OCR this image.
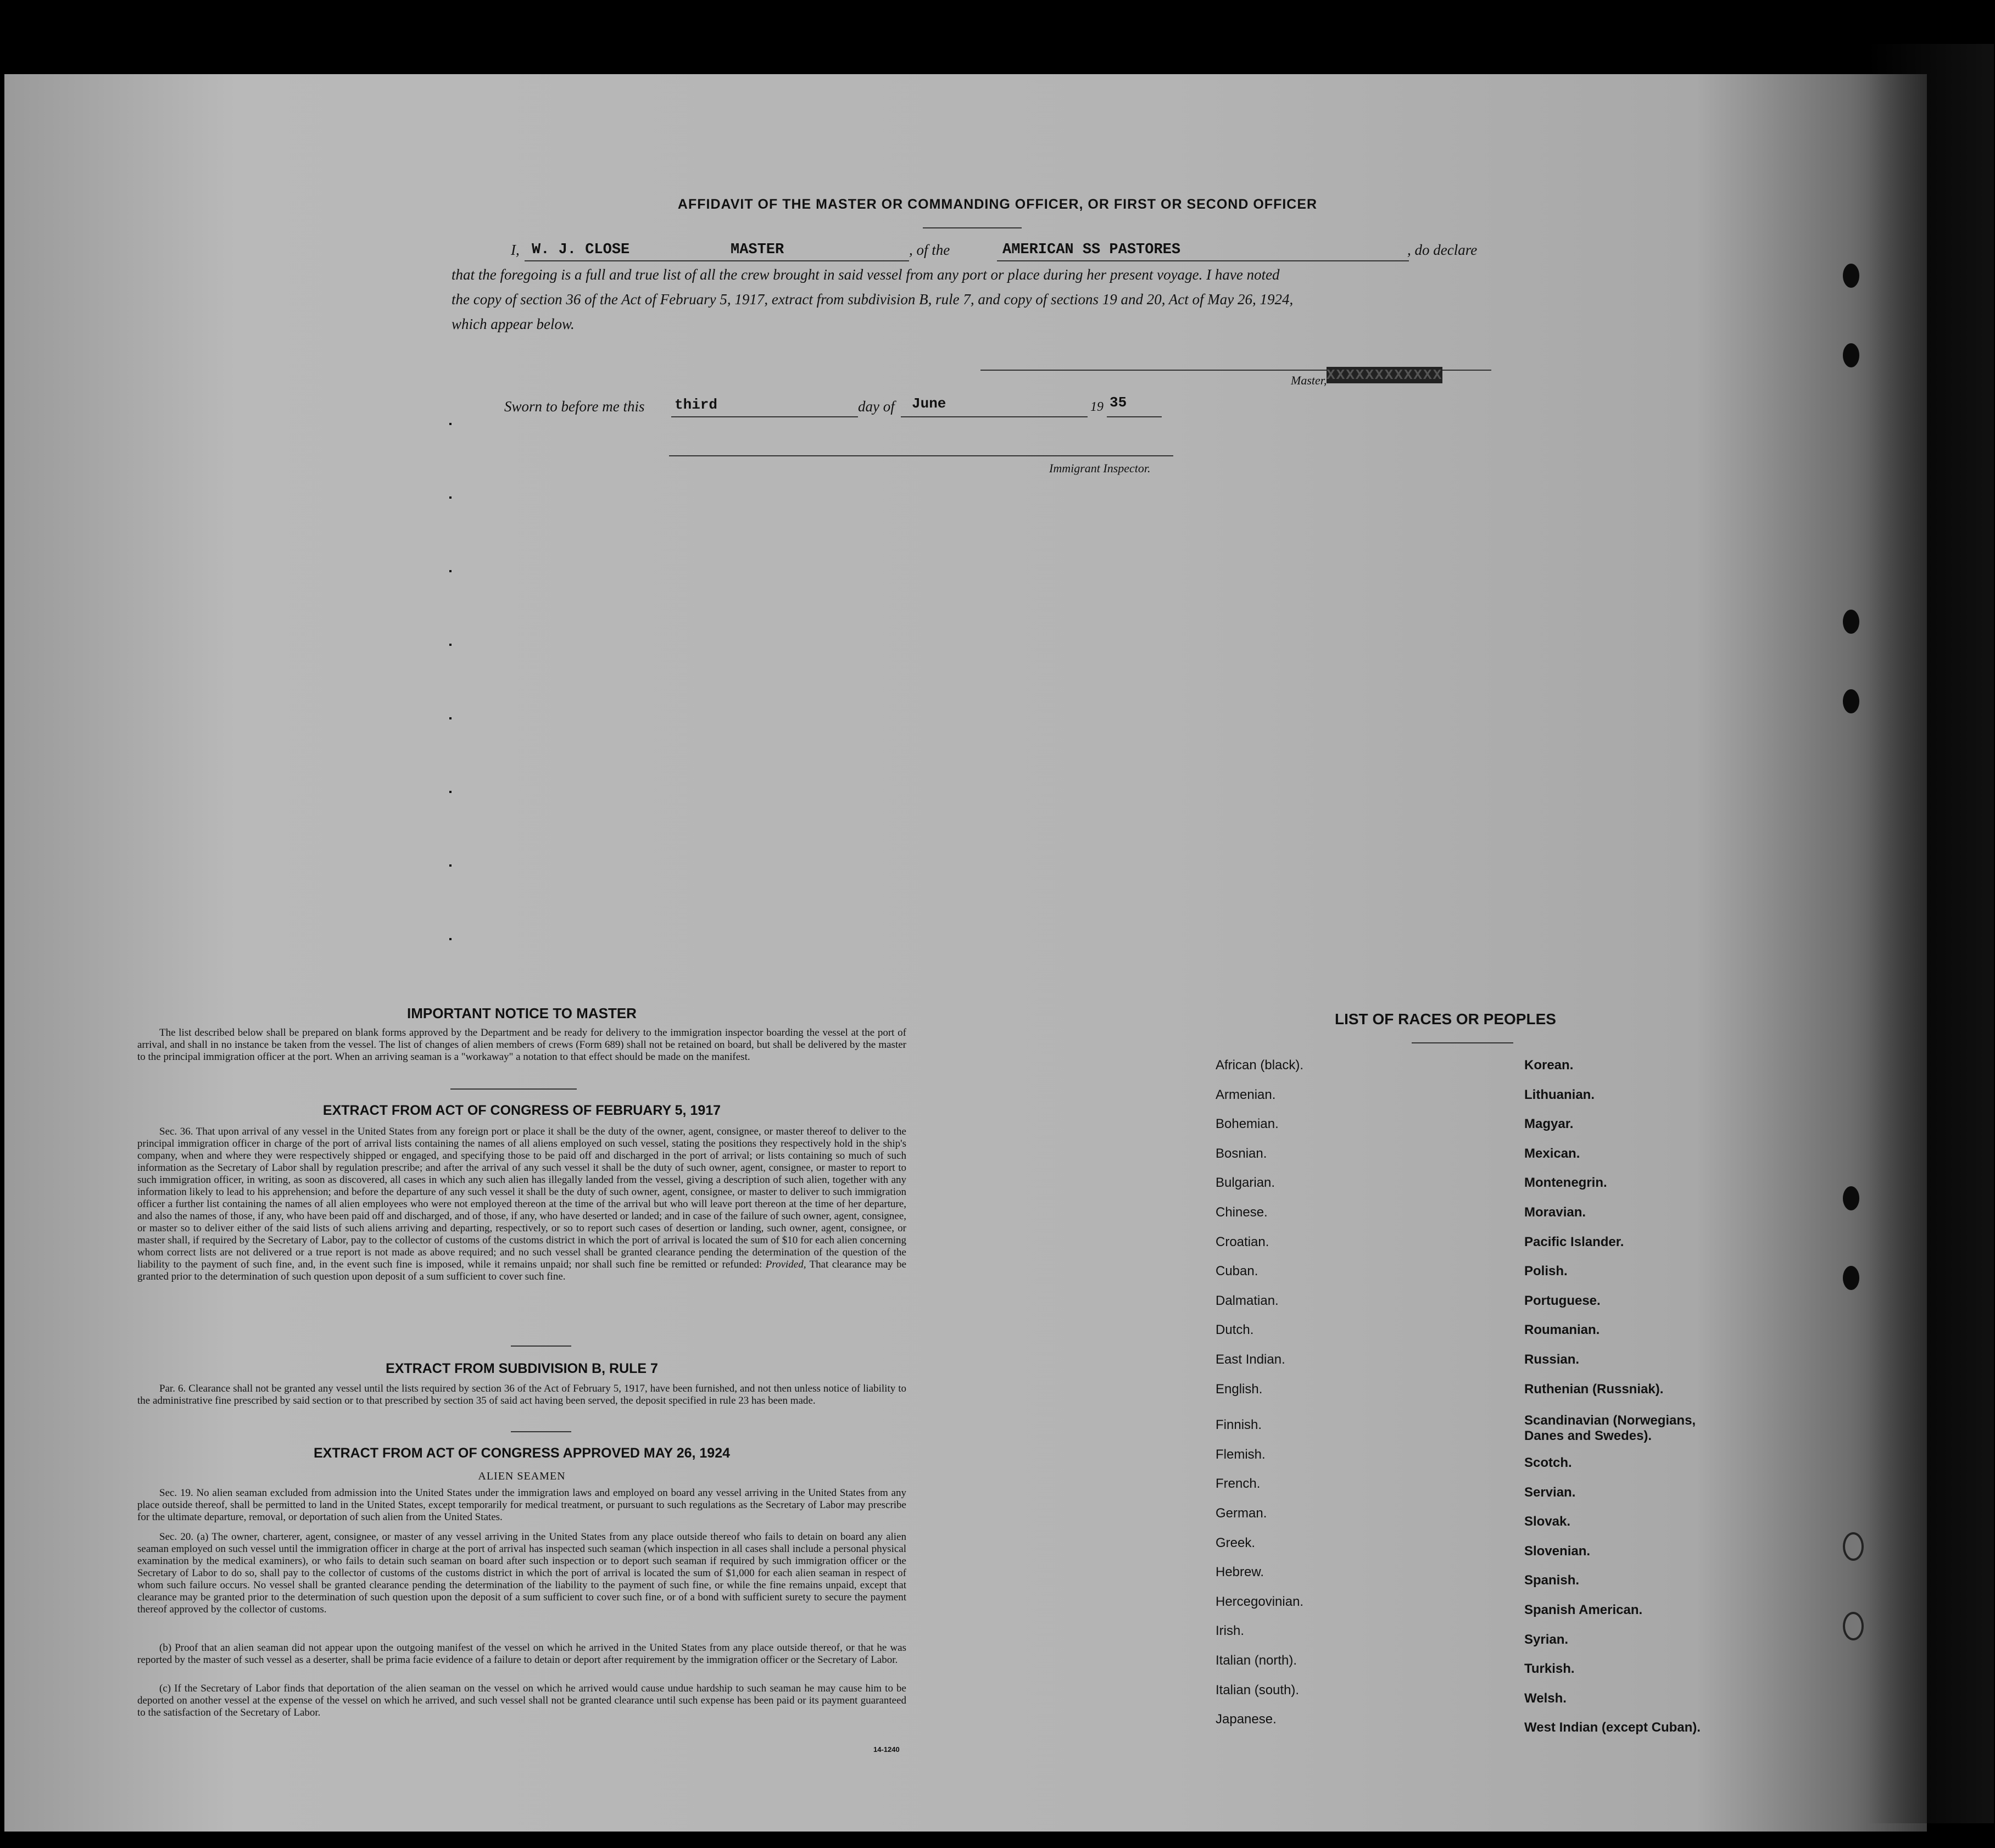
AFFIDAVIT OF THE MASTER OR COMMANDING OFFICER, OR FIRST OR SECOND OFFICER
I, W. J. CLOSE	MASTER	, of the	AMERICAN SS PASTORES	, do declare
that the foregoing is a full and true list of all the crew brought in said vessel from any port or place during her present voyage. I have noted
the copy of section 36 of the Act of February 5, 1917, extract from subdivision B, rule 7, and copy of sections 19 and 20, Act of May 26, 1924,
which appear below.
Master, XXXXXXXXXXXX
Sworn to before me this third	day of June	19 35
Immigrant Inspector.
IMPORTANT NOTICE TO MASTER
The list described below shall be prepared on blank forms approved by the Department and be ready for delivery to the immigration inspector boarding the vessel at the port of arrival, and shall in no instance be taken from the vessel. The list of changes of alien members of crews (Form 689) shall not be retained on board, but shall be delivered by the master to the principal immigration officer at the port. When an arriving seaman is a "workaway" a notation to that effect should be made on the manifest.
EXTRACT FROM ACT OF CONGRESS OF FEBRUARY 5, 1917
Sec. 36. That upon arrival of any vessel in the United States from any foreign port or place it shall be the duty of the owner, agent, consignee, or master thereof to deliver to the principal immigration officer in charge of the port of arrival lists containing the names of all aliens employed on such vessel, stating the positions they respectively hold in the ship's company, when and where they were respectively shipped or engaged, and specifying those to be paid off and discharged in the port of arrival; or lists containing so much of such information as the Secretary of Labor shall by regulation prescribe; and after the arrival of any such vessel it shall be the duty of such owner, agent, consignee, or master to report to such immigration officer, in writing, as soon as discovered, all cases in which any such alien has illegally landed from the vessel, giving a description of such alien, together with any information likely to lead to his apprehension; and before the departure of any such vessel it shall be the duty of such owner, agent, consignee, or master to deliver to such immigration officer a further list containing the names of all alien employees who were not employed thereon at the time of the arrival but who will leave port thereon at the time of her departure, and also the names of those, if any, who have been paid off and discharged, and of those, if any, who have deserted or landed; and in case of the failure of such owner, agent, consignee, or master so to deliver either of the said lists of such aliens arriving and departing, respectively, or so to report such cases of desertion or landing, such owner, agent, consignee, or master shall, if required by the Secretary of Labor, pay to the collector of customs of the customs district in which the port of arrival is located the sum of $10 for each alien concerning whom correct lists are not delivered or a true report is not made as above required; and no such vessel shall be granted clearance pending the determination of the question of the liability to the payment of such fine, and, in the event such fine is imposed, while it remains unpaid; nor shall such fine be remitted or refunded: Provided, That clearance may be granted prior to the determination of such question upon deposit of a sum sufficient to cover such fine.
EXTRACT FROM SUBDIVISION B, RULE 7
Par. 6. Clearance shall not be granted any vessel until the lists required by section 36 of the Act of February 5, 1917, have been furnished, and not then unless notice of liability to the administrative fine prescribed by said section or to that prescribed by section 35 of said act having been served, the deposit specified in rule 23 has been made.
EXTRACT FROM ACT OF CONGRESS APPROVED MAY 26, 1924
ALIEN SEAMEN
Sec. 19. No alien seaman excluded from admission into the United States under the immigration laws and employed on board any vessel arriving in the United States from any place outside thereof, shall be permitted to land in the United States, except temporarily for medical treatment, or pursuant to such regulations as the Secretary of Labor may prescribe for the ultimate departure, removal, or deportation of such alien from the United States.
Sec. 20. (a) The owner, charterer, agent, consignee, or master of any vessel arriving in the United States from any place outside thereof who fails to detain on board any alien seaman employed on such vessel until the immigration officer in charge at the port of arrival has inspected such seaman (which inspection in all cases shall include a personal physical examination by the medical examiners), or who fails to detain such seaman on board after such inspection or to deport such seaman if required by such immigration officer or the Secretary of Labor to do so, shall pay to the collector of customs of the customs district in which the port of arrival is located the sum of $1,000 for each alien seaman in respect of whom such failure occurs. No vessel shall be granted clearance pending the determination of the liability to the payment of such fine, or while the fine remains unpaid, except that clearance may be granted prior to the determination of such question upon the deposit of a sum sufficient to cover such fine, or of a bond with sufficient surety to secure the payment thereof approved by the collector of customs.
(b) Proof that an alien seaman did not appear upon the outgoing manifest of the vessel on which he arrived in the United States from any place outside thereof, or that he was reported by the master of such vessel as a deserter, shall be prima facie evidence of a failure to detain or deport after requirement by the immigration officer or the Secretary of Labor.
(c) If the Secretary of Labor finds that deportation of the alien seaman on the vessel on which he arrived would cause undue hardship to such seaman he may cause him to be deported on another vessel at the expense of the vessel on which he arrived, and such vessel shall not be granted clearance until such expense has been paid or its payment guaranteed to the satisfaction of the Secretary of Labor.
14-1240
LIST OF RACES OR PEOPLES
African (black).
Armenian.
Bohemian.
Bosnian.
Bulgarian.
Chinese.
Croatian.
Cuban.
Dalmatian.
Dutch.
East Indian.
English.
Finnish.
Flemish.
French.
German.
Greek.
Hebrew.
Hercegovinian.
Irish.
Italian (north).
Italian (south).
Japanese.
Korean.
Lithuanian.
Magyar.
Mexican.
Montenegrin.
Moravian.
Pacific Islander.
Polish.
Portuguese.
Roumanian.
Russian.
Ruthenian (Russniak).
Scandinavian (Norwegians,
Danes and Swedes).
Scotch.
Servian.
Slovak.
Slovenian.
Spanish.
Spanish American.
Syrian.
Turkish.
Welsh.
West Indian (except Cuban).
